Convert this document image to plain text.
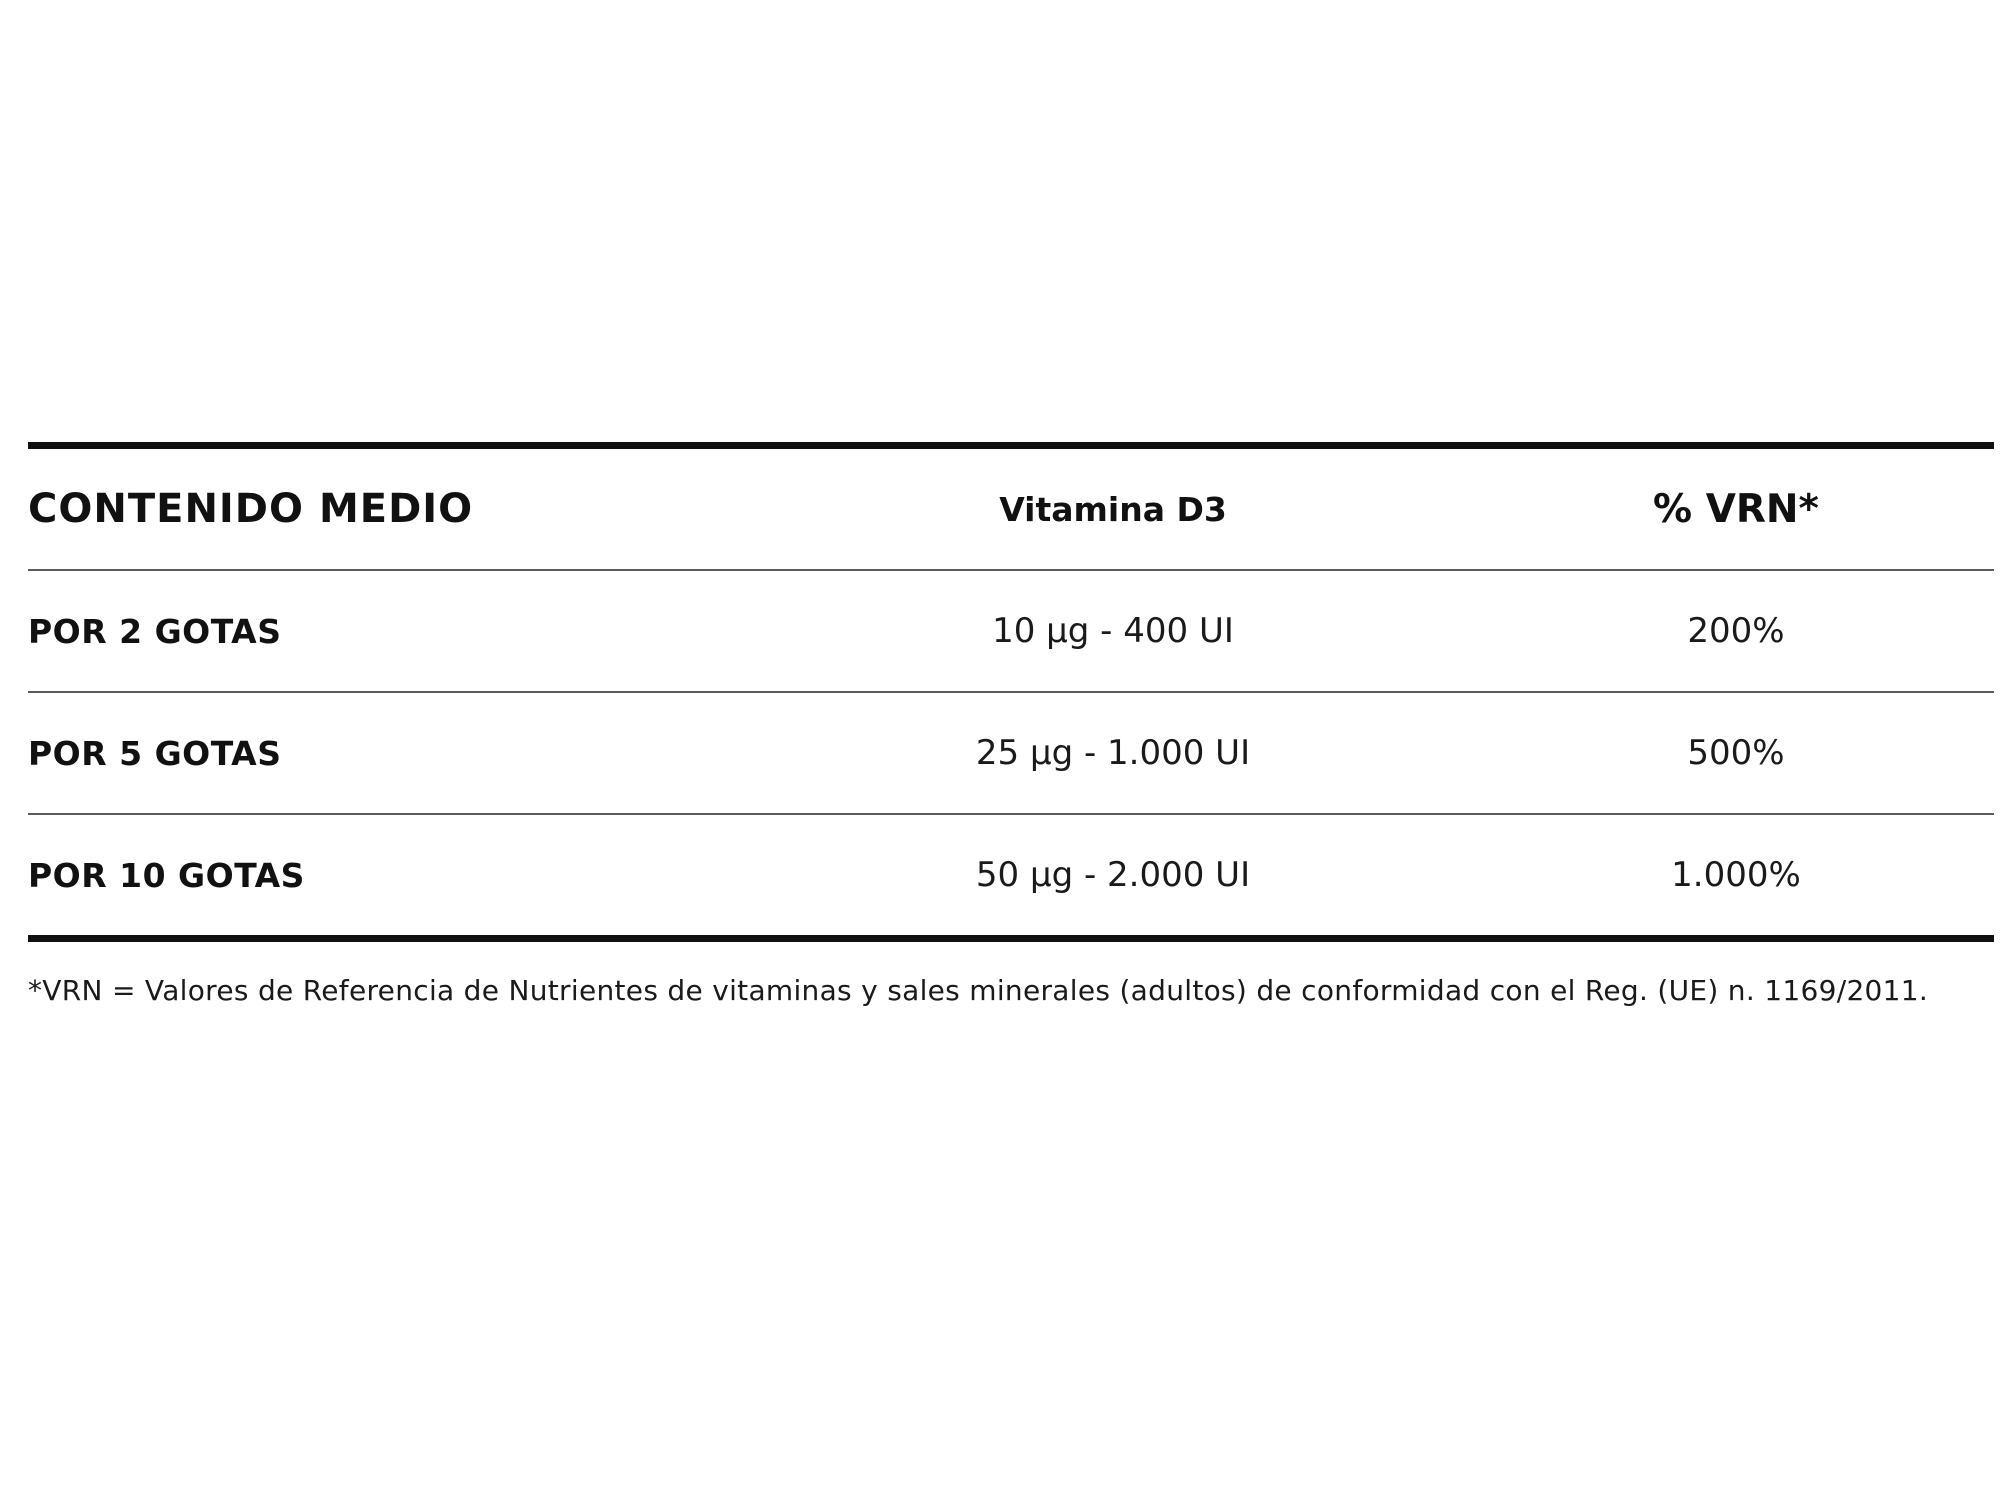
CONTENIDO MEDIO	Vitamina D3	% VRN*
POR 2 GOTAS	10 µg - 400 UI	200%
POR 5 GOTAS	25 µg - 1.000 UI	500%
POR 10 GOTAS	50 µg - 2.000 UI	1.000%
*VRN = Valores de Referencia de Nutrientes de vitaminas y sales minerales (adultos) de conformidad con el Reg. (UE) n. 1169/2011.
